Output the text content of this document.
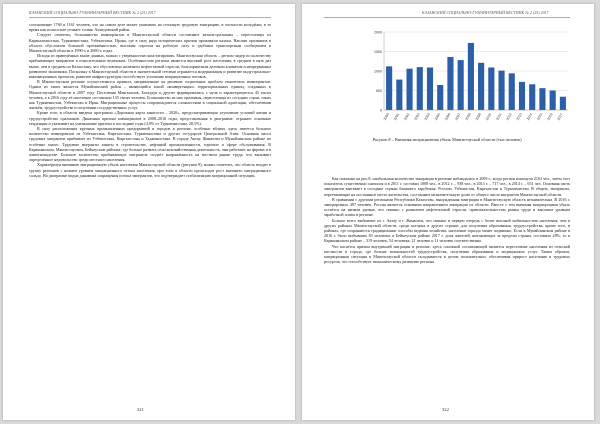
КАЗАНСКИЙ СОЦИАЛЬНО-ГУМАНИТАРНЫЙ ВЕСТНИК № 2 (25) 2017

соотношение 1760 и 1161 человек, что на самом деле может указывать на сезонную трудовую эмиграцию, в частности молодёжи, в то время как полностью уезжает только Ахмедовский район.

Следует отметить, большинство иммигрантов в Мангистауской области составляют казахи-оралманы – переселенцы из Каракалпакстана, Туркменистана, Узбекистана, Ирана, где в силу ряда исторических причин проживали казахи. Наплыв оралманов в область обусловлен большой протяжённостью, высоким спросом на рабочую силу и удобным транспортным сообщением в Мангистауской области в 1990-х и 2000-х годах.

Исходя из приведённых выше данных, можно с уверенностью констатировать, Мангистауская область – регион-лидер по количеству прибывающих мигрантов в относительных величинах. Особенностью региона является высокий рост населения, в среднем в пять раз выше, чем в среднем по Казахстану, что обусловлено наличием нефтегазовой отрасли, благоприятным деловым климатом и непрерывным развитием экономики. Поскольку в Мангистауской области в значительной степени отражается модернизация и развитие индустриально-инновационных проектов, развитие инфраструктуры способствует усилению миграционных потоков.

В Мангистауском регионе осуществляется правила, направленные на решение социальных проблем этнических иммигрантов. Одним из таких является Мунайлинский район – являющийся зоной «конвергенции» территориальных единиц, созданных в Мангистауской области в 2007 году. Поселения Мангышлак, Баскудук и другие формировались с нуля и характеризуются 45 тысяч человек, а к 2016 году её население составляло 135 тысяч человек. Большинство из них оралманы, переселенцы из соседних стран, таких как Туркменистан, Узбекистан и Иран. Миграционные процессы сопровождаются сложностями в социальной адаптации, обеспечении жильём, трудоустройстве и получении государственных услуг.

Кроме того, в области введена программа «Дорожная карта занятости – 2020», предусматривающая улучшение условий жизни и трудоустройство оралманов. Динамика притока иммигрантов в 2008–2016 годы, представленная в диаграмме, отражает основные тенденции и указывает на уменьшение притока в последние годы (4,9% от Туркменистана, 28,5%).

В силу расположения крупных промышленных предприятий и городов в регионе, особенно вблизи, здесь имеется большое количество иммигрантов из Узбекистана, Кыргызстана, Туркменистана и других государств Центральной Азии. Основная масса трудовых мигрантов прибывает из Узбекистана, Кыргызстана и Таджикистана. В городе Актау, Жанаозен и Мунайлинском районе их особенно много. Трудовые мигранты заняты в строительстве, нефтяной промышленности, торговле и сфере обслуживания. В Каракиянском, Мангистауском, Бейнеуском районах, где больше развита сельскохозяйственная деятельность, они работают на фермах и в животноводстве. Большое количество прибывающих мигрантов создаёт напряжённость на местном рынке труда, что вызывает определённое недовольство среди местного населения.

Характеризуя внешнюю миграционную убыль населения Мангистауской области (рисунок 8), можно отметить, что область входит в группу регионов с низким уровнем миграционного оттока населения, при этом в области происходит рост внешнего миграционного сальдо. На диаграмме видна динамика сокращения потока эмигрантов, что подтверждает стабилизацию миграционной ситуации.

321
КАЗАНСКИЙ СОЦИАЛЬНО-ГУМАНИТАРНЫЙ ВЕСТНИК № 2 (25) 2017
0
500
1000
1500
2000
2000 2001 2002 2003 2004 2005 2006 2007 2008 2009 2010 2011 2012 2013 2014 2015 2016 2017
Рисунок 8 – Внешняя миграционная убыль Мангистауской области (тыс.человек)

Как показано на рис.8, наибольшая количество эмиграции в регионе наблюдалась в 2009 г., когда регион покинули 2163 чел., затем этот показатель существенно снизился и в 2011 г. составил 1008 чел., в 2012 г. – 938 чел., в 2013 г. – 717 чел., в 2014 г. – 651 чел. Основная часть эмигрантов выезжает в соседние страны ближнего зарубежья: Россию, Узбекистан, Кыргызстан и Туркменистан. В общем, эмигранты, переезжающие на постоянное место жительства, составляют незначительную долю от общего числа мигрантов Мангистауской области.

В сравнении с другими регионами Республики Казахстан, вынужденная эмиграция в Мангистаускую область незначительна. В 2016 г. эмигрировало 497 человек. Россия является основным направлением эмиграции из области. Вместе с тем внешняя миграционная убыль остаётся на низком уровне, что связано с развитием нефтегазовой отрасли, привлекательностью рынка труда и высоким уровнем заработной платы в регионе.

Больше всего выбывают из г. Актау и г. Жанаозен, что связано в первую очередь с более высокой мобильностью населения, чем в других районах Мангистауской области, среди которых в других странах для получения образования, трудоустройства, кроме того, в районах, где сохраняются традиционные способы ведения хозяйства, население гораздо менее подвижно. Если в Мунайлинском районе в 2016 г. было выбывших 83 человека, в Бейнеуском районе 2017 г. доля жителей, выезжающих за пределы страны, составила 28%, то в Каракиянском районе – 319 человек, 54 человека, 21 человек и 11 человек соответственно.

Что касается причин внутренней миграции в регионе, здесь основной составляющей является переселение населения из сельской местности в города, где больше возможностей трудоустройства, получения образования и медицинских услуг. Таким образом, миграционная ситуация в Мангистауской области складывается в целом положительно, обеспечивая прирост населения и трудовых ресурсов, что способствует экономическому развитию региона.

322
